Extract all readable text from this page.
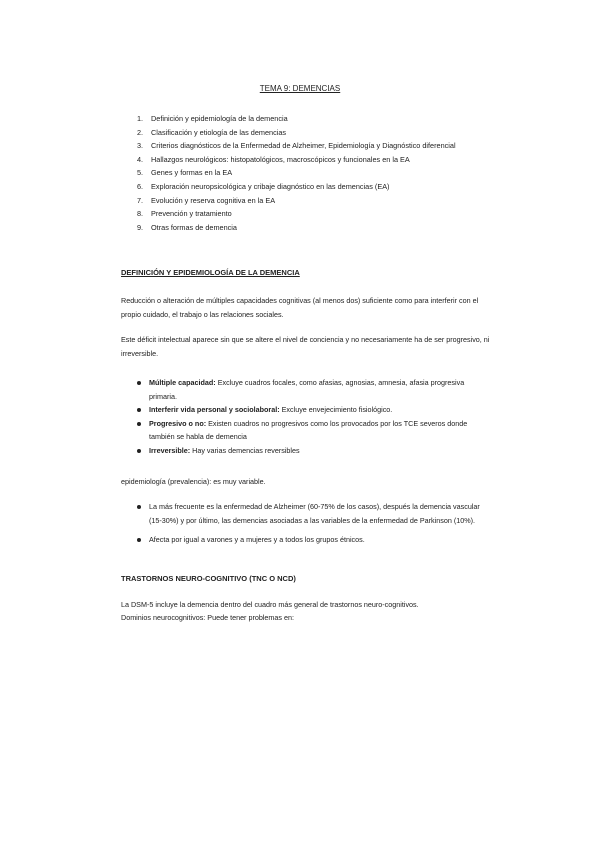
TEMA 9: DEMENCIAS
1. Definición y epidemiología de la demencia
2. Clasificación y etiología de las demencias
3. Criterios diagnósticos de la Enfermedad de Alzheimer, Epidemiología y Diagnóstico diferencial
4. Hallazgos neurológicos: histopatológicos, macroscópicos y funcionales en la EA
5. Genes y formas en la EA
6. Exploración neuropsicológica y cribaje diagnóstico en las demencias (EA)
7. Evolución y reserva cognitiva en la EA
8. Prevención y tratamiento
9. Otras formas de demencia
DEFINICIÓN Y EPIDEMIOLOGÍA DE LA DEMENCIA
Reducción o alteración de múltiples capacidades cognitivas (al menos dos) suficiente como para interferir con el propio cuidado, el trabajo o las relaciones sociales.
Este déficit intelectual aparece sin que se altere el nivel de conciencia y no necesariamente ha de ser progresivo, ni irreversible.
Múltiple capacidad: Excluye cuadros focales, como afasias, agnosias, amnesia, afasia progresiva primaria.
Interferir vida personal y sociolaboral: Excluye envejecimiento fisiológico.
Progresivo o no: Existen cuadros no progresivos como los provocados por los TCE severos donde también se habla de demencia
Irreversible: Hay varias demencias reversibles
epidemiología (prevalencia): es muy variable.
La más frecuente es la enfermedad de Alzheimer (60-75% de los casos), después la demencia vascular (15-30%) y por último, las demencias asociadas a las variables de la enfermedad de Parkinson (10%).
Afecta por igual a varones y a mujeres y a todos los grupos étnicos.
TRASTORNOS NEURO-COGNITIVO (TNC O NCD)
La DSM-5 incluye la demencia dentro del cuadro más general de trastornos neuro-cognitivos.
Dominios neurocognitivos: Puede tener problemas en:
